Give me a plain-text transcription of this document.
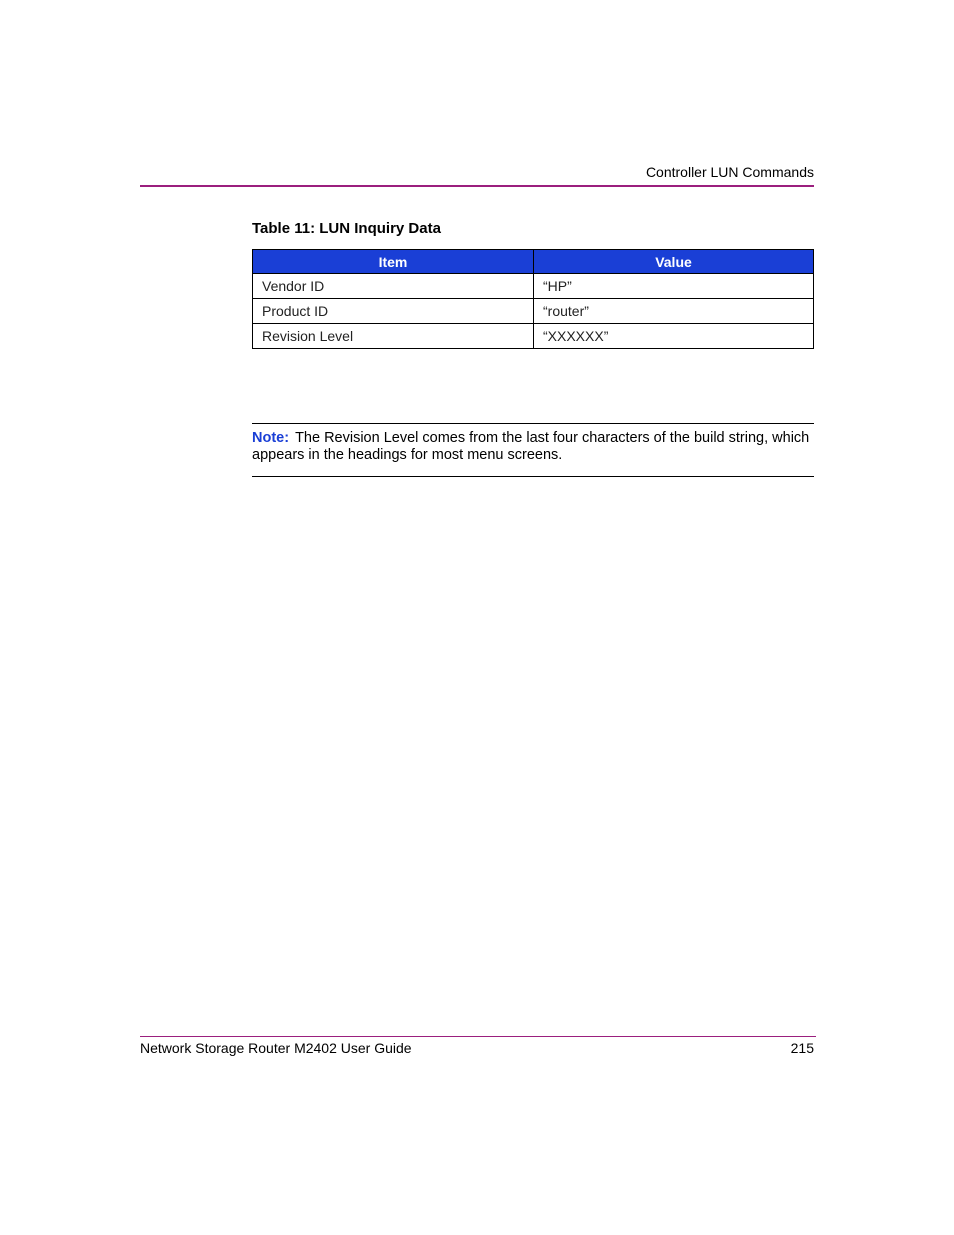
Controller LUN Commands
Table 11: LUN Inquiry Data
Item	Value
Vendor ID	“HP”
Product ID	“router”
Revision Level	“XXXXXX”
Note: The Revision Level comes from the last four characters of the build string, which appears in the headings for most menu screens.
Network Storage Router M2402 User Guide	215
